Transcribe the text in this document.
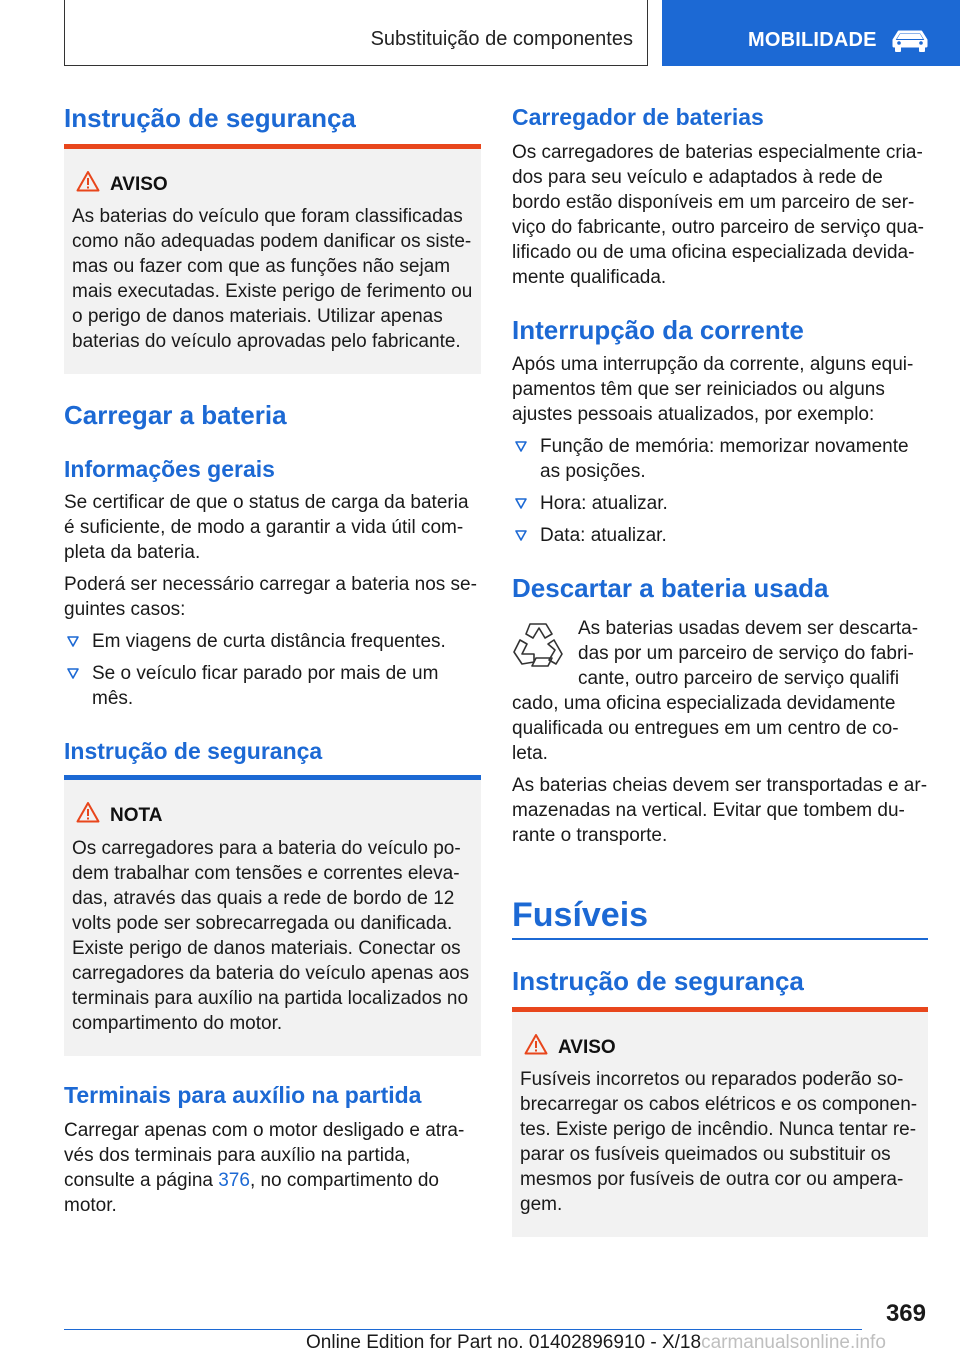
Substituição de componentes	MOBILIDADE
Instrução de segurança
AVISO

As baterias do veículo que foram classificadas como não adequadas podem danificar os sistemas ou fazer com que as funções não sejam mais executadas. Existe perigo de ferimento ou o perigo de danos materiais. Utilizar apenas baterias do veículo aprovadas pelo fabricante.

Carregar a bateria
Informações gerais

Se certificar de que o status de carga da bateria é suficiente, de modo a garantir a vida útil completa da bateria.

Poderá ser necessário carregar a bateria nos seguintes casos:

Em viagens de curta distância frequentes.
Se o veículo ficar parado por mais de um mês.
Instrução de segurança
NOTA

Os carregadores para a bateria do veículo podem trabalhar com tensões e correntes elevadas, através das quais a rede de bordo de 12 volts pode ser sobrecarregada ou danificada. Existe perigo de danos materiais. Conectar os carregadores da bateria do veículo apenas aos terminais para auxílio na partida localizados no compartimento do motor.

Terminais para auxílio na partida

Carregar apenas com o motor desligado e através dos terminais para auxílio na partida, consulte a página 376, no compartimento do motor.

Carregador de baterias

Os carregadores de baterias especialmente criados para seu veículo e adaptados à rede de bordo estão disponíveis em um parceiro de serviço do fabricante, outro parceiro de serviço qualificado ou de uma oficina especializada devidamente qualificada.

Interrupção da corrente

Após uma interrupção da corrente, alguns equipamentos têm que ser reiniciados ou alguns ajustes pessoais atualizados, por exemplo:

Função de memória: memorizar novamente as posições.
Hora: atualizar.
Data: atualizar.
Descartar a bateria usada

As baterias usadas devem ser descartadas por um parceiro de serviço do fabricante, outro parceiro de serviço qualifi

cado, uma oficina especializada devidamente qualificada ou entregues em um centro de coleta.

As baterias cheias devem ser transportadas e armazenadas na vertical. Evitar que tombem durante o transporte.

Fusíveis
Instrução de segurança
AVISO

Fusíveis incorretos ou reparados poderão sobrecarregar os cabos elétricos e os componentes. Existe perigo de incêndio. Nunca tentar reparar os fusíveis queimados ou substituir os mesmos por fusíveis de outra cor ou amperagem.

369
Online Edition for Part no. 01402896910 - X/18carmanualsonline.info
